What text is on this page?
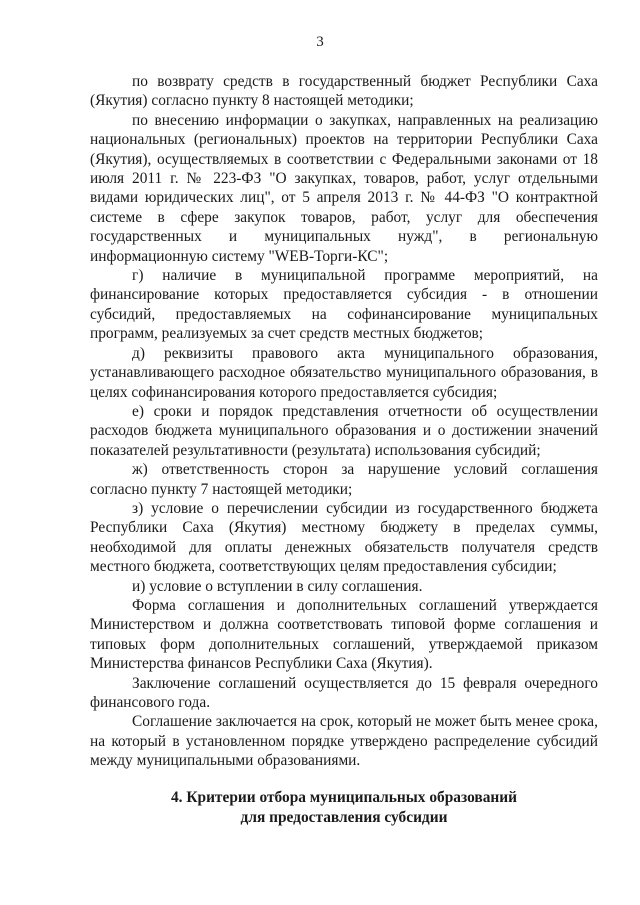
3

по возврату средств в государственный бюджет Республики Саха (Якутия) согласно пункту 8 настоящей методики;

по внесению информации о закупках, направленных на реализацию национальных (региональных) проектов на территории Республики Саха (Якутия), осуществляемых в соответствии с Федеральными законами от 18 июля 2011 г. № 223-ФЗ "О закупках, товаров, работ, услуг отдельными видами юридических лиц", от 5 апреля 2013 г. № 44-ФЗ "О контрактной системе в сфере закупок товаров, работ, услуг для обеспечения государственных и муниципальных нужд", в региональную информационную систему "WEB-Торги-КС";

г) наличие в муниципальной программе мероприятий, на финансирование которых предоставляется субсидия - в отношении субсидий, предоставляемых на софинансирование муниципальных программ, реализуемых за счет средств местных бюджетов;

д) реквизиты правового акта муниципального образования, устанавливающего расходное обязательство муниципального образования, в целях софинансирования которого предоставляется субсидия;

е) сроки и порядок представления отчетности об осуществлении расходов бюджета муниципального образования и о достижении значений показателей результативности (результата) использования субсидий;

ж) ответственность сторон за нарушение условий соглашения согласно пункту 7 настоящей методики;

з) условие о перечислении субсидии из государственного бюджета Республики Саха (Якутия) местному бюджету в пределах суммы, необходимой для оплаты денежных обязательств получателя средств местного бюджета, соответствующих целям предоставления субсидии;

и) условие о вступлении в силу соглашения.

Форма соглашения и дополнительных соглашений утверждается Министерством и должна соответствовать типовой форме соглашения и типовых форм дополнительных соглашений, утверждаемой приказом Министерства финансов Республики Саха (Якутия).

Заключение соглашений осуществляется до 15 февраля очередного финансового года.

Соглашение заключается на срок, который не может быть менее срока, на который в установленном порядке утверждено распределение субсидий между муниципальными образованиями.

4. Критерии отбора муниципальных образований
для предоставления субсидии
